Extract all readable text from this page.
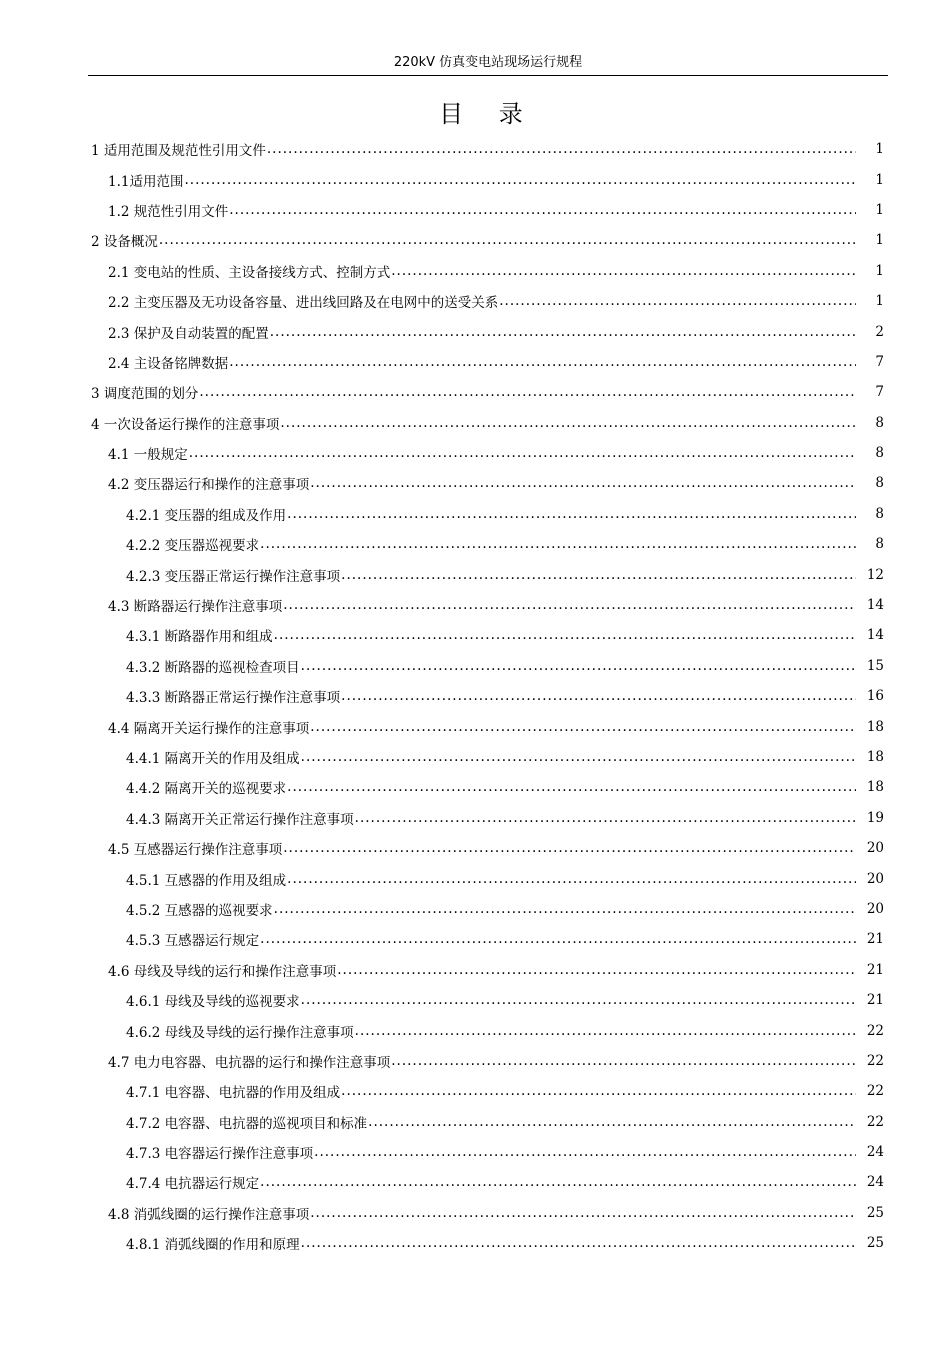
220kV 仿真变电站现场运行规程
目 录
1 适用范围及规范性引用文件 .....	1
1.1适用范围 .....	1
1.2 规范性引用文件 .....	1
2 设备概况 .....	1
2.1 变电站的性质、主设备接线方式、控制方式 .....	1
2.2 主变压器及无功设备容量、进出线回路及在电网中的送受关系 .....	1
2.3 保护及自动装置的配置 .....	2
2.4 主设备铭牌数据 .....	7
3 调度范围的划分 .....	7
4 一次设备运行操作的注意事项 .....	8
4.1 一般规定 .....	8
4.2 变压器运行和操作的注意事项 .....	8
4.2.1 变压器的组成及作用 .....	8
4.2.2 变压器巡视要求 .....	8
4.2.3 变压器正常运行操作注意事项 .....	12
4.3 断路器运行操作注意事项 .....	14
4.3.1 断路器作用和组成 .....	14
4.3.2 断路器的巡视检查项目 .....	15
4.3.3 断路器正常运行操作注意事项 .....	16
4.4 隔离开关运行操作的注意事项 .....	18
4.4.1 隔离开关的作用及组成 .....	18
4.4.2 隔离开关的巡视要求 .....	18
4.4.3 隔离开关正常运行操作注意事项 .....	19
4.5 互感器运行操作注意事项 .....	20
4.5.1 互感器的作用及组成 .....	20
4.5.2 互感器的巡视要求 .....	20
4.5.3 互感器运行规定 .....	21
4.6 母线及导线的运行和操作注意事项 .....	21
4.6.1 母线及导线的巡视要求 .....	21
4.6.2 母线及导线的运行操作注意事项 .....	22
4.7 电力电容器、电抗器的运行和操作注意事项 .....	22
4.7.1 电容器、电抗器的作用及组成 .....	22
4.7.2 电容器、电抗器的巡视项目和标准 .....	22
4.7.3 电容器运行操作注意事项 .....	24
4.7.4 电抗器运行规定 .....	24
4.8 消弧线圈的运行操作注意事项 .....	25
4.8.1 消弧线圈的作用和原理 .....	25
